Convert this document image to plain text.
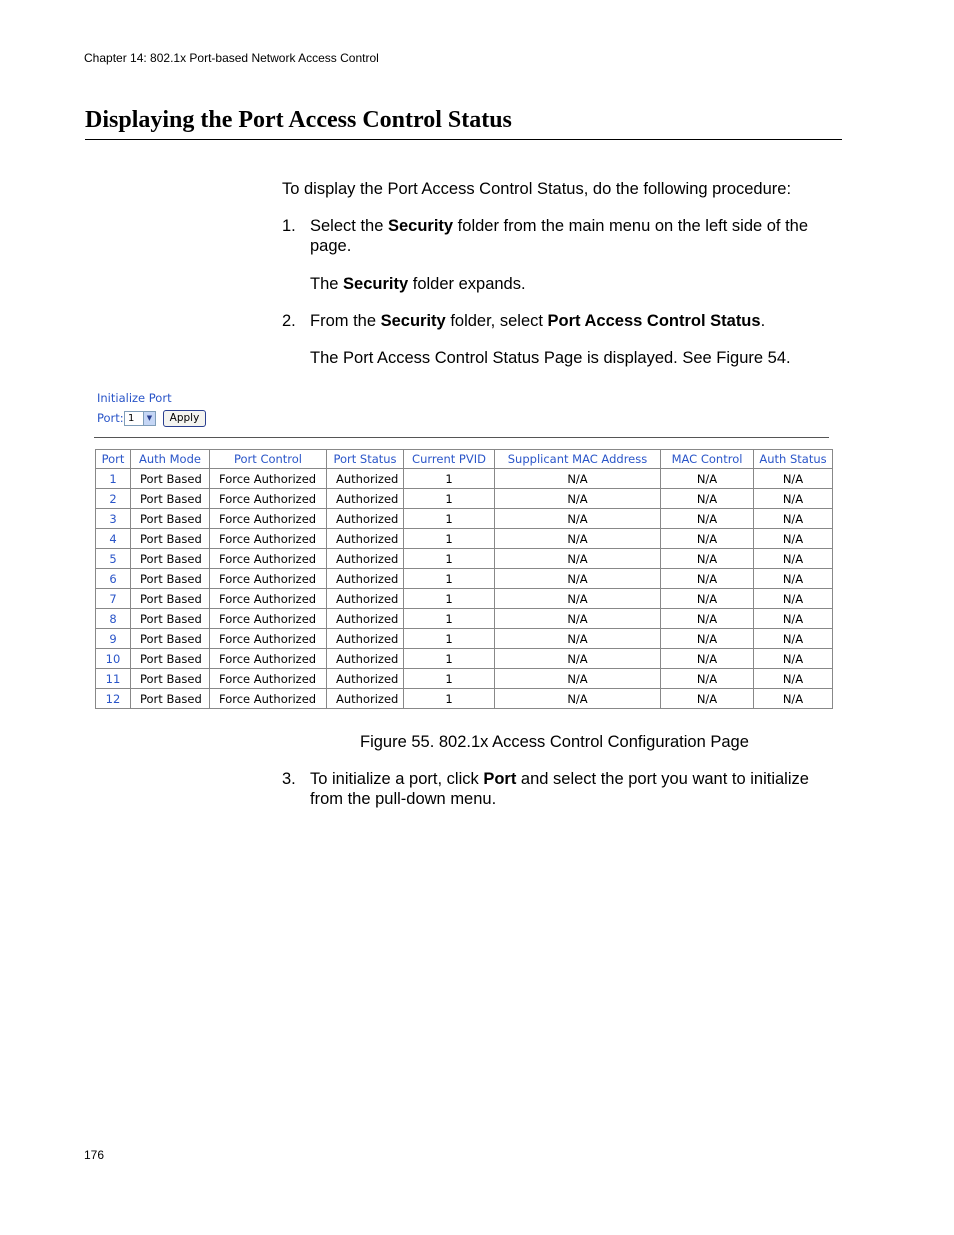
Chapter 14: 802.1x Port-based Network Access Control
Displaying the Port Access Control Status
To display the Port Access Control Status, do the following procedure:
1. Select the Security folder from the main menu on the left side of the page.
The Security folder expands.
2. From the Security folder, select Port Access Control Status.
The Port Access Control Status Page is displayed. See Figure 54.
Initialize Port
Port: 1	▼	Apply
Port	Auth Mode	Port Control	Port Status	Current PVID	Supplicant MAC Address	MAC Control	Auth Status
1	Port Based	Force Authorized	Authorized	1	N/A	N/A	N/A
2	Port Based	Force Authorized	Authorized	1	N/A	N/A	N/A
3	Port Based	Force Authorized	Authorized	1	N/A	N/A	N/A
4	Port Based	Force Authorized	Authorized	1	N/A	N/A	N/A
5	Port Based	Force Authorized	Authorized	1	N/A	N/A	N/A
6	Port Based	Force Authorized	Authorized	1	N/A	N/A	N/A
7	Port Based	Force Authorized	Authorized	1	N/A	N/A	N/A
8	Port Based	Force Authorized	Authorized	1	N/A	N/A	N/A
9	Port Based	Force Authorized	Authorized	1	N/A	N/A	N/A
10	Port Based	Force Authorized	Authorized	1	N/A	N/A	N/A
11	Port Based	Force Authorized	Authorized	1	N/A	N/A	N/A
12	Port Based	Force Authorized	Authorized	1	N/A	N/A	N/A
Figure 55. 802.1x Access Control Configuration Page
3. To initialize a port, click Port and select the port you want to initialize from the pull-down menu.
176
